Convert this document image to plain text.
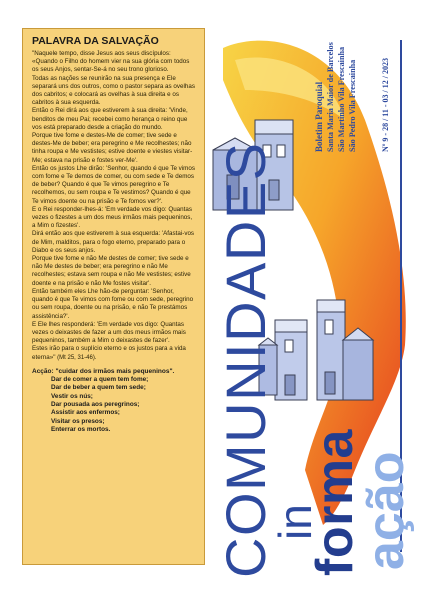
PALAVRA DA SALVAÇÃO

"Naquele tempo, disse Jesus aos seus discípulos: «Quando o Filho do homem vier na sua glória com todos os seus Anjos, sentar-Se-á no seu trono glorioso.

Todas as nações se reunirão na sua presença e Ele separará uns dos outros, como o pastor separa as ovelhas dos cabritos; e colocará as ovelhas à sua direita e os cabritos à sua esquerda.

Então o Rei dirá aos que estiverem à sua direita: 'Vinde, benditos de meu Pai; recebei como herança o reino que vos está preparado desde a criação do mundo.

Porque tive fome e destes-Me de comer; tive sede e destes-Me de beber; era peregrino e Me recolhestes; não tinha roupa e Me vestistes; estive doente e viestes visitar-Me; estava na prisão e fostes ver-Me'.

Então os justos Lhe dirão: 'Senhor, quando é que Te vimos com fome e Te demos de comer, ou com sede e Te demos de beber? Quando é que Te vimos peregrino e Te recolhemos, ou sem roupa e Te vestimos? Quando é que Te vimos doente ou na prisão e Te fomos ver?'.

E o Rei responder-lhes-á: 'Em verdade vos digo: Quantas vezes o fizestes a um dos meus irmãos mais pequeninos, a Mim o fizestes'.

Dirá então aos que estiverem à sua esquerda: 'Afastai-vos de Mim, malditos, para o fogo eterno, preparado para o Diabo e os seus anjos.

Porque tive fome e não Me destes de comer; tive sede e não Me destes de beber; era peregrino e não Me recolhestes; estava sem roupa e não Me vestistes; estive doente e na prisão e não Me fostes visitar'.

Então também eles Lhe hão-de perguntar: 'Senhor, quando é que Te vimos com fome ou com sede, peregrino ou sem roupa, doente ou na prisão, e não Te prestámos assistência?'.

E Ele lhes responderá: 'Em verdade vos digo: Quantas vezes o deixastes de fazer a um dos meus irmãos mais pequeninos, também a Mim o deixastes de fazer'.

Estes irão para o suplício eterno e os justos para a vida eterna»" (Mt 25, 31-46).

Acção: "cuidar dos irmãos mais pequeninos".

Dar de comer a quem tem fome;
Dar de beber a quem tem sede;
Vestir os nús;
Dar pousada aos peregrinos;
Assistir aos enfermos;
Visitar os presos;
Enterrar os mortos.	COMUNIDADES
in
forma
ação
Boletim Paroquial Santa Maria Maior de Barcelos São Martinho Vila Frescainha São Pedro Vila Frescainha	Nº 9 - 28 / 11 - 03 / 12 / 2023
